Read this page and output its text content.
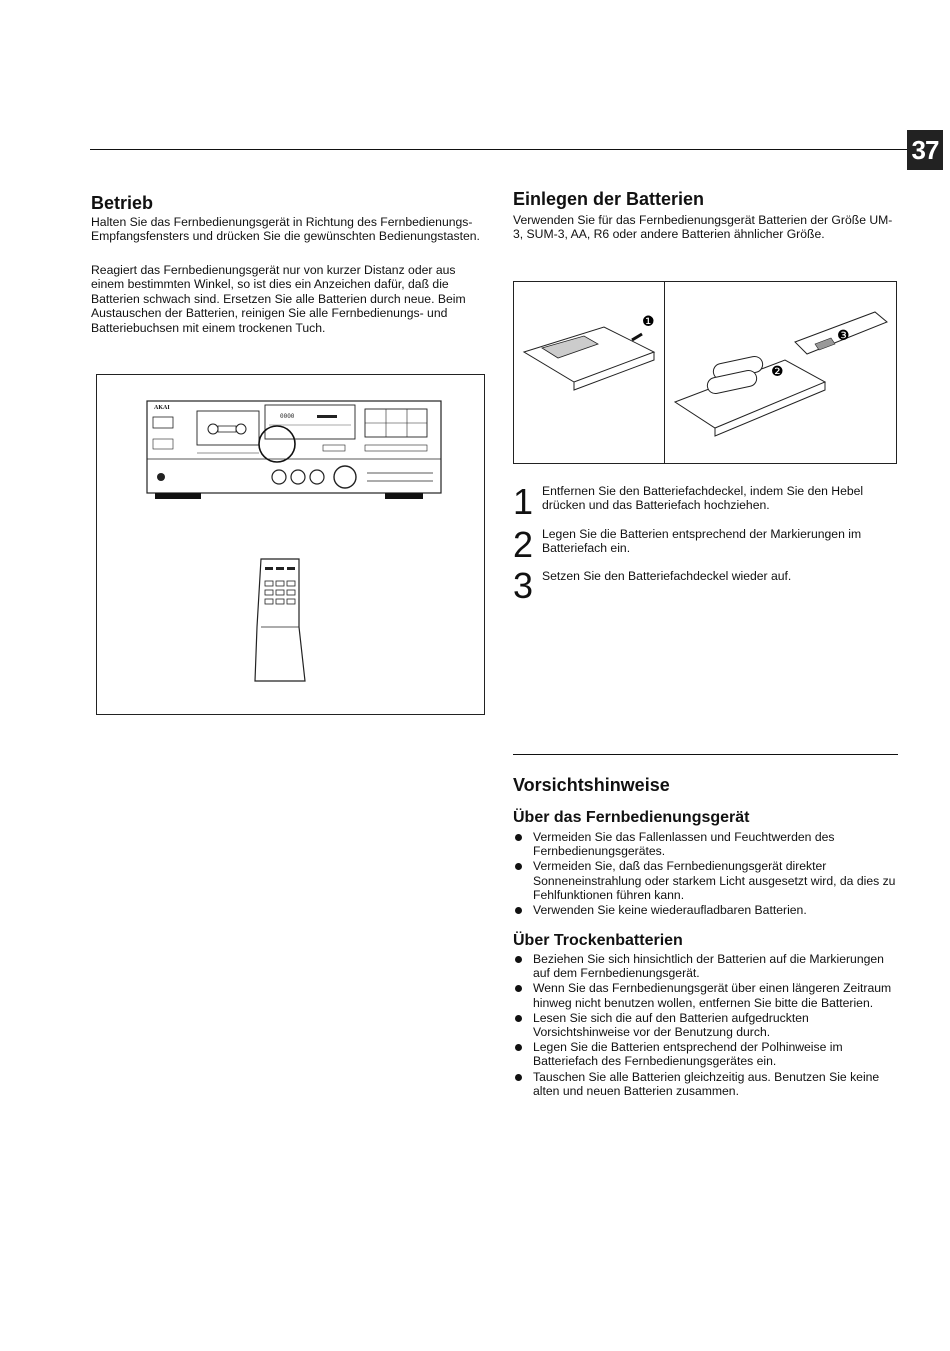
37
Betrieb

Halten Sie das Fernbedienungsgerät in Richtung des Fernbedienungs-Empfangsfensters und drücken Sie die gewünschten Bedienungstasten.

Reagiert das Fernbedienungsgerät nur von kurzer Distanz oder aus einem bestimmten Winkel, so ist dies ein Anzeichen dafür, daß die Batterien schwach sind. Ersetzen Sie alle Batterien durch neue. Beim Austauschen der Batterien, reinigen Sie alle Fernbedienungs- und Batteriebuchsen mit einem trockenen Tuch.

AKAI
0000
Einlegen der Batterien

Verwenden Sie für das Fernbedienungsgerät Batterien der Größe UM-3, SUM-3, AA, R6 oder andere Batterien ähnlicher Größe.

❶
❸
❷
1 Entfernen Sie den Batteriefachdeckel, indem Sie den Hebel drücken und das Batteriefach hochziehen.
2 Legen Sie die Batterien entsprechend der Markierungen im Batteriefach ein.
3 Setzen Sie den Batteriefachdeckel wieder auf.
Vorsichtshinweise
Über das Fernbedienungsgerät
Vermeiden Sie das Fallenlassen und Feuchtwerden des Fernbedienungsgerätes.
Vermeiden Sie, daß das Fernbedienungsgerät direkter Sonneneinstrahlung oder starkem Licht ausgesetzt wird, da dies zu Fehlfunktionen führen kann.
Verwenden Sie keine wiederaufladbaren Batterien.
Über Trockenbatterien
Beziehen Sie sich hinsichtlich der Batterien auf die Markierungen auf dem Fernbedienungsgerät.
Wenn Sie das Fernbedienungsgerät über einen längeren Zeitraum hinweg nicht benutzen wollen, entfernen Sie bitte die Batterien.
Lesen Sie sich die auf den Batterien aufgedruckten Vorsichtshinweise vor der Benutzung durch.
Legen Sie die Batterien entsprechend der Polhinweise im Batteriefach des Fernbedienungsgerätes ein.
Tauschen Sie alle Batterien gleichzeitig aus. Benutzen Sie keine alten und neuen Batterien zusammen.
